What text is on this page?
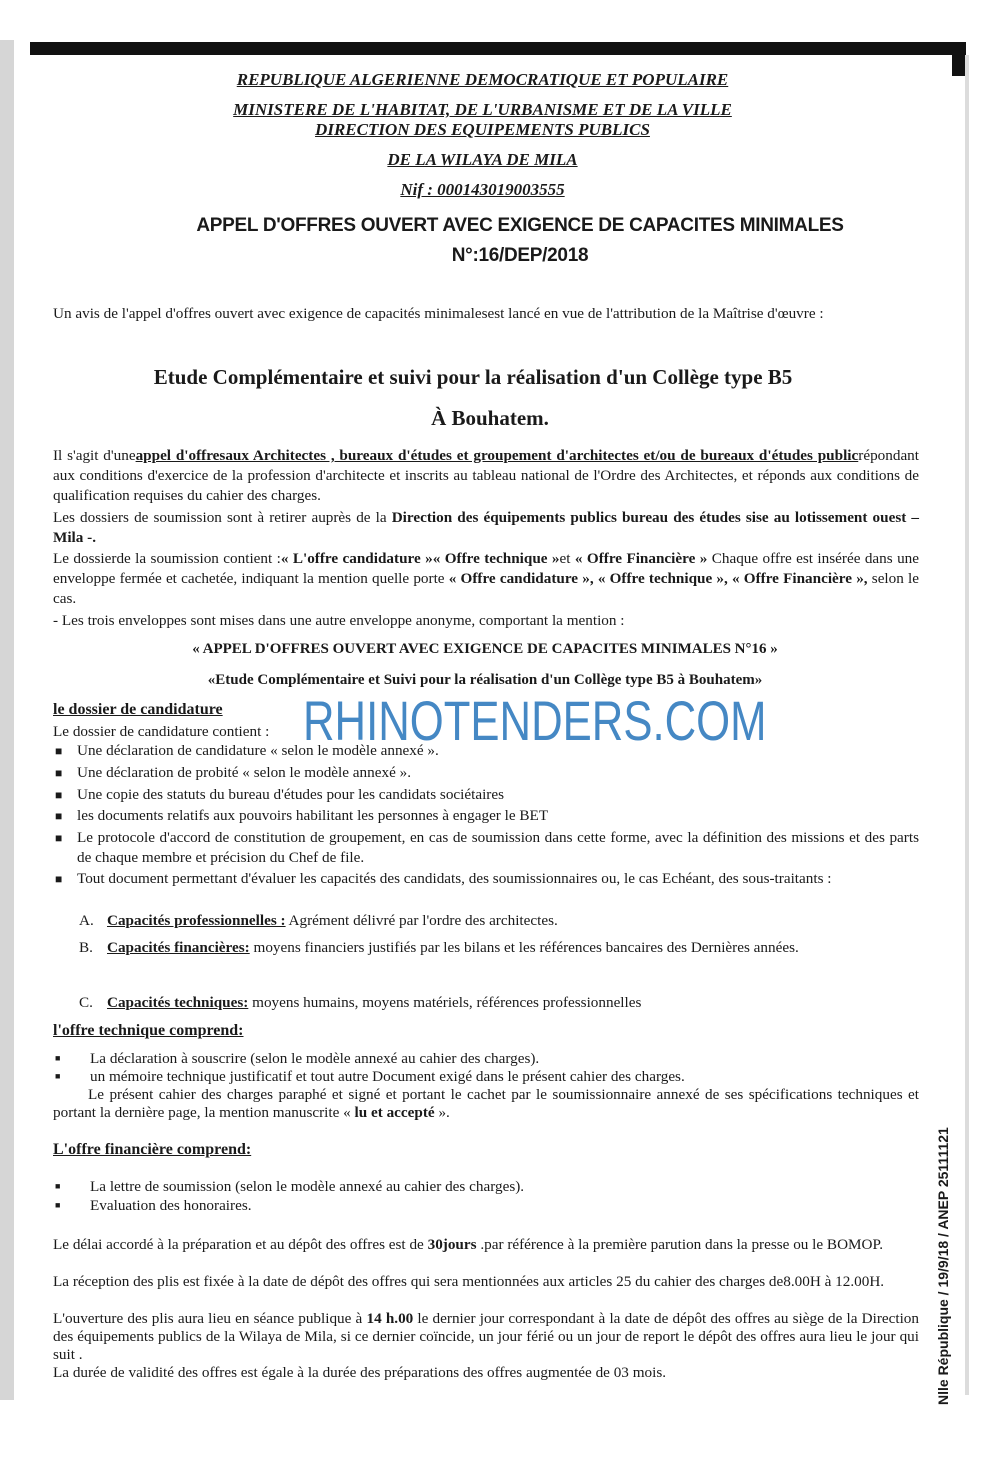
REPUBLIQUE ALGERIENNE DEMOCRATIQUE ET POPULAIRE
MINISTERE DE L'HABITAT, DE L'URBANISME ET DE LA VILLE
DIRECTION DES EQUIPEMENTS PUBLICS
DE LA WILAYA DE MILA
Nif : 000143019003555
APPEL D'OFFRES OUVERT AVEC EXIGENCE DE CAPACITES MINIMALES
N°:16/DEP/2018
Un avis de l'appel d'offres ouvert avec exigence de capacités minimalesest lancé en vue de l'attribution de la Maîtrise d'œuvre :
Etude Complémentaire et suivi pour la réalisation d'un Collège type B5
À Bouhatem.
Il s'agit d'uneappel d'offresaux Architectes , bureaux d'études et groupement d'architectes et/ou de bureaux d'études publicrépondant aux conditions d'exercice de la profession d'architecte et inscrits au tableau national de l'Ordre des Architectes, et réponds aux conditions de qualification requises du cahier des charges.
Les dossiers de soumission sont à retirer auprès de la Direction des équipements publics bureau des études sise au lotissement ouest – Mila -.
Le dossierde la soumission contient :« L'offre candidature »« Offre technique »et « Offre Financière » Chaque offre est insérée dans une enveloppe fermée et cachetée, indiquant la mention quelle porte « Offre candidature », « Offre technique », « Offre Financière », selon le cas.
- Les trois enveloppes sont mises dans une autre enveloppe anonyme, comportant la mention :
« APPEL D'OFFRES OUVERT AVEC EXIGENCE DE CAPACITES MINIMALES N°16 »
«Etude Complémentaire et Suivi pour la réalisation d'un Collège type B5 à Bouhatem»
le dossier de candidature
Le dossier de candidature contient :
■ Une déclaration de candidature « selon le modèle annexé ».
■ Une déclaration de probité « selon le modèle annexé ».
■ Une copie des statuts du bureau d'études pour les candidats sociétaires
■ les documents relatifs aux pouvoirs habilitant les personnes à engager le BET
■ Le protocole d'accord de constitution de groupement, en cas de soumission dans cette forme, avec la définition des missions et des parts de chaque membre et précision du Chef de file.
■ Tout document permettant d'évaluer les capacités des candidats, des soumissionnaires ou, le cas Echéant, des sous-traitants :
A. Capacités professionnelles : Agrément délivré par l'ordre des architectes.
B. Capacités financières: moyens financiers justifiés par les bilans et les références bancaires des Dernières années.
C. Capacités techniques: moyens humains, moyens matériels, références professionnelles
l'offre technique comprend:
■ La déclaration à souscrire (selon le modèle annexé au cahier des charges).
■ un mémoire technique justificatif et tout autre Document exigé dans le présent cahier des charges.
Le présent cahier des charges paraphé et signé et portant le cachet par le soumissionnaire annexé de ses spécifications techniques et portant la dernière page, la mention manuscrite « lu et accepté ».
L'offre financière comprend:
■ La lettre de soumission (selon le modèle annexé au cahier des charges).
■ Evaluation des honoraires.
Le délai accordé à la préparation et au dépôt des offres est de 30jours .par référence à la première parution dans la presse ou le BOMOP.
La réception des plis est fixée à la date de dépôt des offres qui sera mentionnées aux articles 25 du cahier des charges de8.00H à 12.00H.
L'ouverture des plis aura lieu en séance publique à 14 h.00 le dernier jour correspondant à la date de dépôt des offres au siège de la Direction des équipements publics de la Wilaya de Mila, si ce dernier coïncide, un jour férié ou un jour de report le dépôt des offres aura lieu le jour qui suit .
La durée de validité des offres est égale à la durée des préparations des offres augmentée de 03 mois.
RHINOTENDERS.COM
Nlle République / 19/9/18 / ANEP 25111121
